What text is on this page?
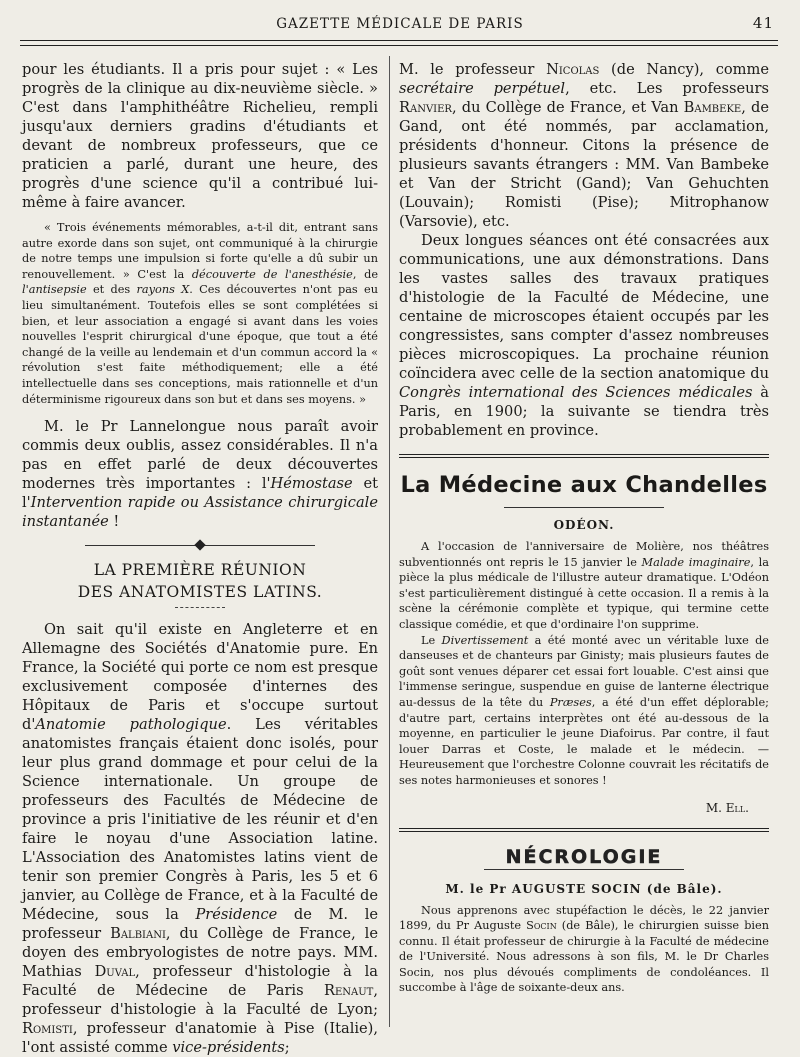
GAZETTE MÉDICALE DE PARIS	41

pour les étudiants. Il a pris pour sujet : « Les progrès de la clinique au dix-neuvième siècle. » C'est dans l'amphithéâtre Richelieu, rempli jusqu'aux derniers gradins d'étudiants et devant de nombreux professeurs, que ce praticien a parlé, durant une heure, des progrès d'une science qu'il a contribué lui-même à faire avancer.

« Trois événements mémorables, a-t-il dit, entrant sans autre exorde dans son sujet, ont communiqué à la chirurgie de notre temps une impulsion si forte qu'elle a dû subir un renouvellement. » C'est la découverte de l'anesthésie, de l'antisepsie et des rayons X. Ces découvertes n'ont pas eu lieu simultanément. Toutefois elles se sont complétées si bien, et leur association a engagé si avant dans les voies nouvelles l'esprit chirurgical d'une époque, que tout a été changé de la veille au lendemain et d'un commun accord la « révolution s'est faite méthodiquement; elle a été intellectuelle dans ses conceptions, mais rationnelle et d'un déterminisme rigoureux dans son but et dans ses moyens. »

M. le Pr Lannelongue nous paraît avoir commis deux oublis, assez considérables. Il n'a pas en effet parlé de deux découvertes modernes très importantes : l'Hémostase et l'Intervention rapide ou Assistance chirurgicale instantanée !

LA PREMIÈRE RÉUNION
DES ANATOMISTES LATINS.

On sait qu'il existe en Angleterre et en Allemagne des Sociétés d'Anatomie pure. En France, la Société qui porte ce nom est presque exclusivement composée d'internes des Hôpitaux de Paris et s'occupe surtout d'Anatomie pathologique. Les véritables anatomistes français étaient donc isolés, pour leur plus grand dommage et pour celui de la Science internationale. Un groupe de professeurs des Facultés de Médecine de province a pris l'initiative de les réunir et d'en faire le noyau d'une Association latine. L'Association des Anatomistes latins vient de tenir son premier Congrès à Paris, les 5 et 6 janvier, au Collège de France, et à la Faculté de Médecine, sous la Présidence de M. le professeur Balbiani, du Collège de France, le doyen des embryologistes de notre pays. MM. Mathias Duval, professeur d'histologie à la Faculté de Médecine de Paris Renaut, professeur d'histologie à la Faculté de Lyon; Romisti, professeur d'anatomie à Pise (Italie), l'ont assisté comme vice-présidents;

M. le professeur Nicolas (de Nancy), comme secrétaire perpétuel, etc. Les professeurs Ranvier, du Collège de France, et Van Bambeke, de Gand, ont été nommés, par acclamation, présidents d'honneur. Citons la présence de plusieurs savants étrangers : MM. Van Bambeke et Van der Stricht (Gand); Van Gehuchten (Louvain); Romisti (Pise); Mitrophanow (Varsovie), etc.

Deux longues séances ont été consacrées aux communications, une aux démonstrations. Dans les vastes salles des travaux pratiques d'histologie de la Faculté de Médecine, une centaine de microscopes étaient occupés par les congressistes, sans compter d'assez nombreuses pièces microscopiques. La prochaine réunion coïncidera avec celle de la section anatomique du Congrès international des Sciences médicales à Paris, en 1900; la suivante se tiendra très probablement en province.

La Médecine aux Chandelles

ODÉON.

A l'occasion de l'anniversaire de Molière, nos théâtres subventionnés ont repris le 15 janvier le Malade imaginaire, la pièce la plus médicale de l'illustre auteur dramatique. L'Odéon s'est particulièrement distingué à cette occasion. Il a remis à la scène la cérémonie complète et typique, qui termine cette classique comédie, et que d'ordinaire l'on supprime.

Le Divertissement a été monté avec un véritable luxe de danseuses et de chanteurs par Ginisty; mais plusieurs fautes de goût sont venues déparer cet essai fort louable. C'est ainsi que l'immense seringue, suspendue en guise de lanterne électrique au-dessus de la tête du Præses, a été d'un effet déplorable; d'autre part, certains interprètes ont été au-dessous de la moyenne, en particulier le jeune Diafoirus. Par contre, il faut louer Darras et Coste, le malade et le médecin. — Heureusement que l'orchestre Colonne couvrait les récitatifs de ses notes harmonieuses et sonores !

M. Ell.

NÉCROLOGIE

M. le Pr AUGUSTE SOCIN (de Bâle).

Nous apprenons avec stupéfaction le décès, le 22 janvier 1899, du Pr Auguste Socin (de Bâle), le chirurgien suisse bien connu. Il était professeur de chirurgie à la Faculté de médecine de l'Université. Nous adressons à son fils, M. le Dr Charles Socin, nos plus dévoués compliments de condoléances. Il succombe à l'âge de soixante-deux ans.
